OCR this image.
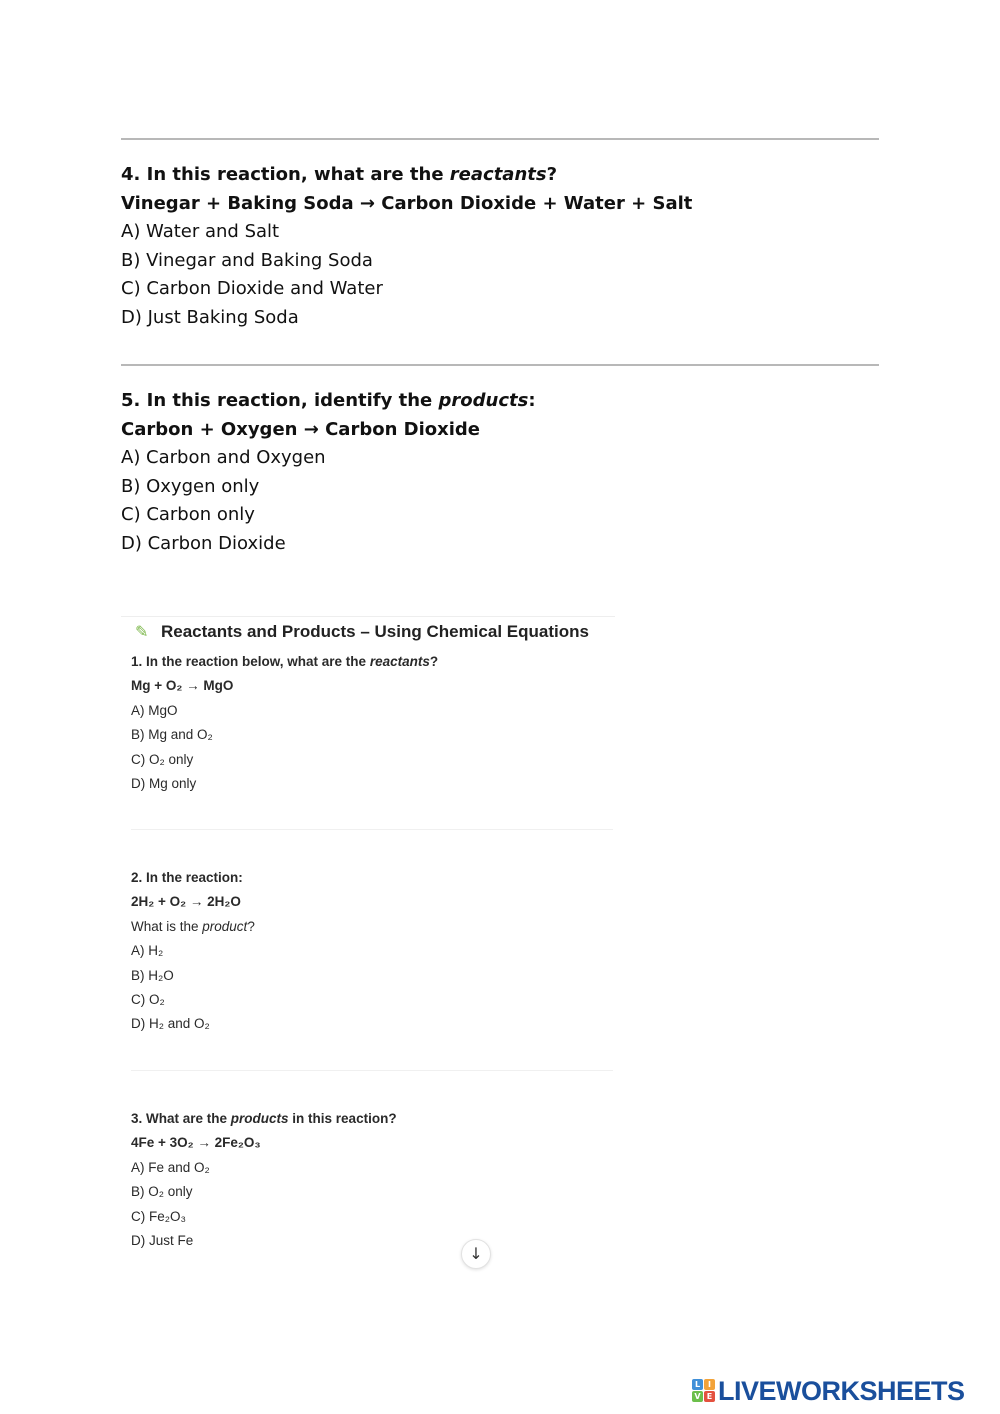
4. In this reaction, what are the reactants?
Vinegar + Baking Soda → Carbon Dioxide + Water + Salt
A) Water and Salt
B) Vinegar and Baking Soda
C) Carbon Dioxide and Water
D) Just Baking Soda
5. In this reaction, identify the products:
Carbon + Oxygen → Carbon Dioxide
A) Carbon and Oxygen
B) Oxygen only
C) Carbon only
D) Carbon Dioxide
✎ Reactants and Products – Using Chemical Equations
1. In the reaction below, what are the reactants?
Mg + O₂ → MgO
A) MgO
B) Mg and O₂
C) O₂ only
D) Mg only
2. In the reaction:
2H₂ + O₂ → 2H₂O
What is the product?
A) H₂
B) H₂O
C) O₂
D) H₂ and O₂
3. What are the products in this reaction?
4Fe + 3O₂ → 2Fe₂O₃
A) Fe and O₂
B) O₂ only
C) Fe₂O₃
D) Just Fe
↓
L I
V E LIVEWORKSHEETS
